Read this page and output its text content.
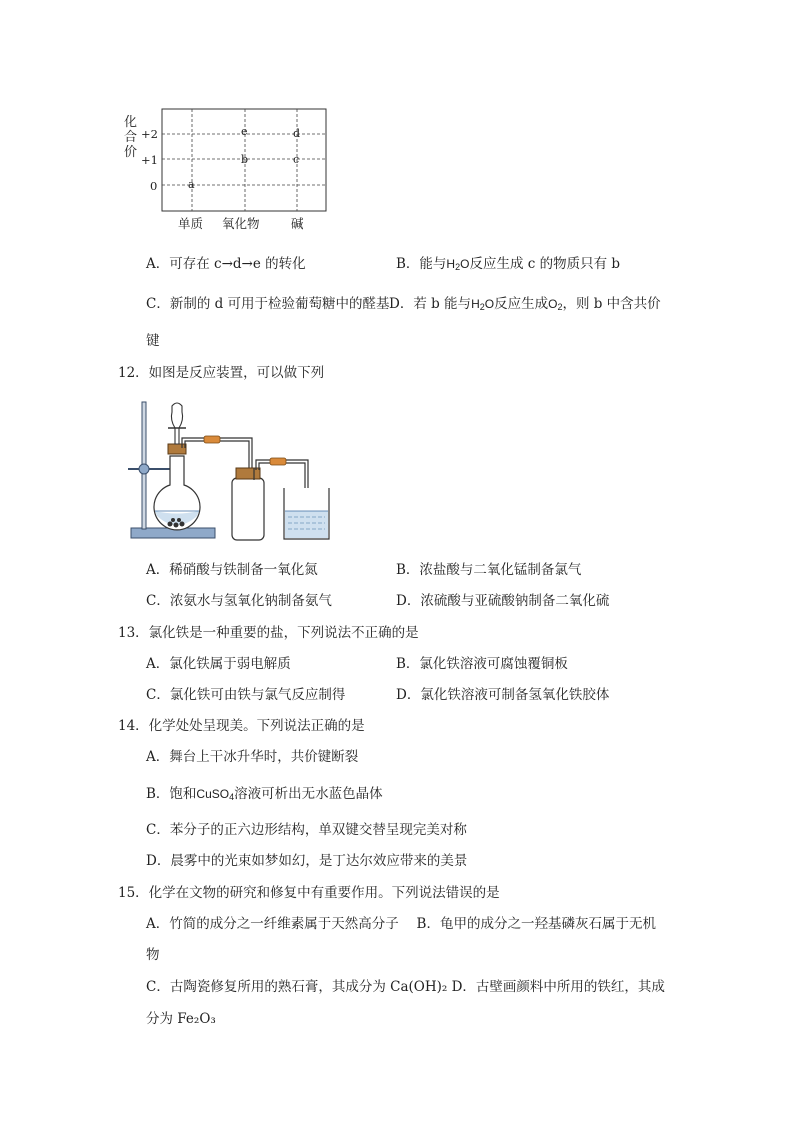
化
合
价
+2
+1
0
e	d
b	c
a
单质 氧化物	碱
A．可存在 c→d→e 的转化	B．能与$H_2O$反应生成 c 的物质只有 b
C．新制的 d 可用于检验葡萄糖中的醛基 D．若 b 能与$H_2O$反应生成$O_2$，则 b 中含共价
键
12．如图是反应装置，可以做下列
A．稀硝酸与铁制备一氧化氮	B．浓盐酸与二氧化锰制备氯气
C．浓氨水与氢氧化钠制备氨气	D．浓硫酸与亚硫酸钠制备二氧化硫
13．氯化铁是一种重要的盐，下列说法不正确的是
A．氯化铁属于弱电解质	B．氯化铁溶液可腐蚀覆铜板
C．氯化铁可由铁与氯气反应制得	D．氯化铁溶液可制备氢氧化铁胶体
14．化学处处呈现美。下列说法正确的是
A．舞台上干冰升华时，共价键断裂
B．饱和CuSO$_4$溶液可析出无水蓝色晶体
C．苯分子的正六边形结构，单双键交替呈现完美对称
D．晨雾中的光束如梦如幻，是丁达尔效应带来的美景
15．化学在文物的研究和修复中有重要作用。下列说法错误的是
A．竹简的成分之一纤维素属于天然高分子　 B．龟甲的成分之一羟基磷灰石属于无机
物
C．古陶瓷修复所用的熟石膏，其成分为 Ca(OH)₂ D．古壁画颜料中所用的铁红，其成
分为 Fe₂O₃
